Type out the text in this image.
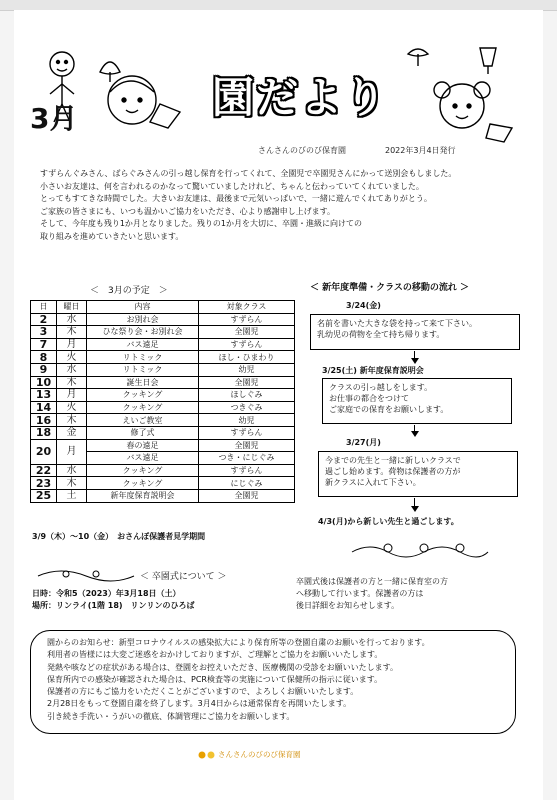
園だより
3月
さんさんのびのび保育園	2022年3月4日発行

すずらんぐみさん、ばらぐみさんの引っ越し保育を行ってくれて、全園児で卒園児さんにかって送別会もしました。

小さいお友達は、何を言われるのかなって驚いていましたけれど、ちゃんと伝わっていてくれていました。

とってもすてきな時間でした。大きいお友達は、最後まで元気いっぱいで、一緒に遊んでくれてありがとう。

ご家族の皆さまにも、いつも温かいご協力をいただき、心より感謝申し上げます。

そして、今年度も残り1か月となりました。残りの1か月を大切に、卒園・進級に向けての

取り組みを進めていきたいと思います。

＜　3月の予定　＞
日	曜日	内容	対象クラス
2	水	お別れ会	すずらん
3	木	ひな祭り会・お別れ会	全園児
7	月	バス遠足	すずらん
8	火	リトミック	ほし・ひまわり
9	水	リトミック	幼児
10	木	誕生日会	全園児
13	月	クッキング	ほしぐみ
14	火	クッキング	つきぐみ
16	木	えいご教室	幼児
18	金	修了式	すずらん
20	月	春の遠足	全園児
		バス遠足	つき・にじぐみ
22	水	クッキング	すずらん
23	木	クッキング	にじぐみ
25	土	新年度保育説明会	全園児
3/9（木）〜10（金）　おさんぽ保護者見学期間
＜ 新年度準備・クラスの移動の流れ ＞
3/24(金)

名前を書いた大きな袋を持って来て下さい。

乳幼児の荷物を全て持ち帰ります。

3/25(土) 新年度保育説明会

クラスの引っ越しをします。

お仕事の都合をつけて

ご家庭での保育をお願いします。

3/27(月)

今までの先生と一緒に新しいクラスで

過ごし始めます。荷物は保護者の方が

新クラスに入れて下さい。

4/3(月)から新しい先生と過ごします。
＜ 卒園式について ＞

日時：令和5（2023）年3月18日（土）

場所：リンライ(1階 18)　リンリンのひろば

卒園式後は保護者の方と一緒に保育室の方

へ移動して行います。保護者の方は

後日詳細をお知らせします。

園からのお知らせ：新型コロナウイルスの感染拡大により保育所等の登園自粛のお願いを行っております。

利用者の皆様には大変ご迷惑をおかけしておりますが、ご理解とご協力をお願いいたします。

発熱や咳などの症状がある場合は、登園をお控えいただき、医療機関の受診をお願いいたします。

保育所内での感染が確認された場合は、PCR検査等の実施について保健所の指示に従います。

保護者の方にもご協力をいただくことがございますので、よろしくお願いいたします。

2月28日をもって登園自粛を終了します。3月4日からは通常保育を再開いたします。

引き続き手洗い・うがいの徹底、体調管理にご協力をお願いします。

さんさんのびのび保育園
